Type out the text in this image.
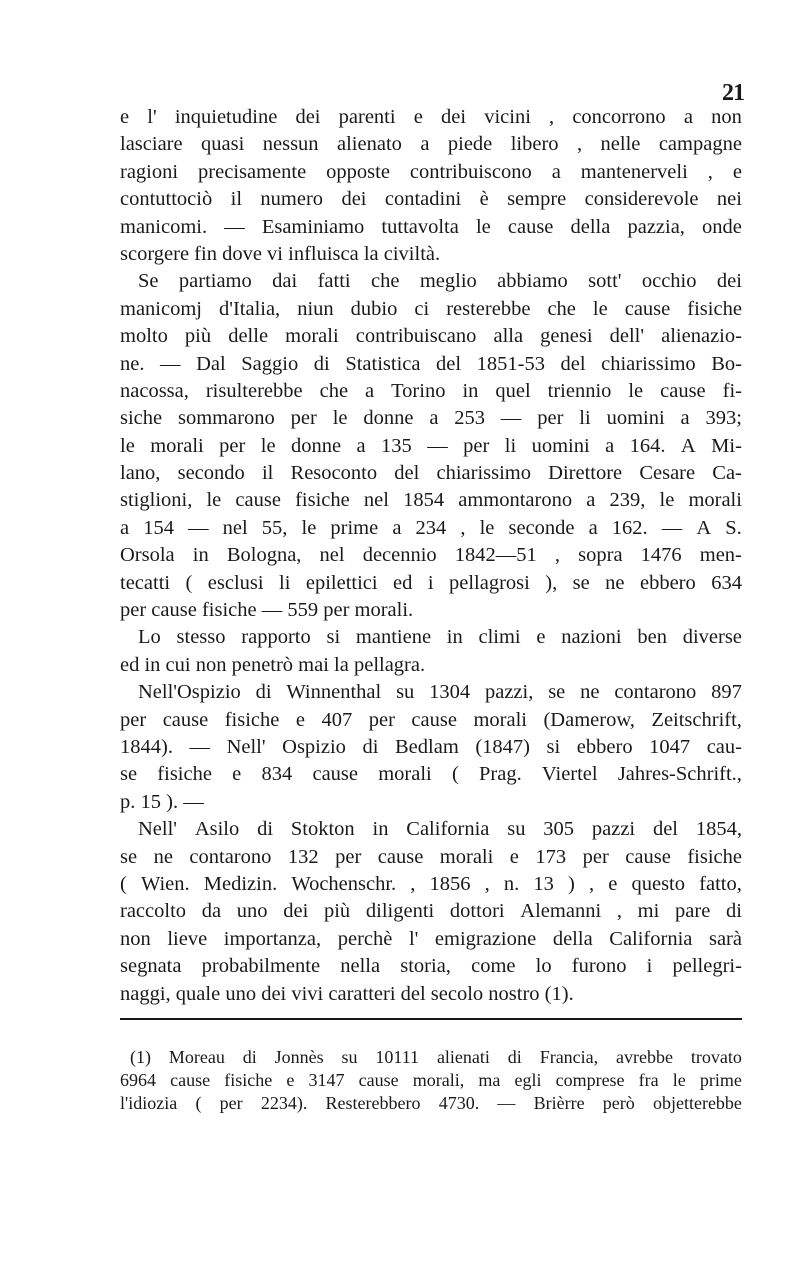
21
e l' inquietudine dei parenti e dei vicini , concorrono a non
lasciare quasi nessun alienato a piede libero , nelle campagne
ragioni precisamente opposte contribuiscono a mantenerveli , e
contuttociò il numero dei contadini è sempre considerevole nei
manicomi. — Esaminiamo tuttavolta le cause della pazzia, onde
scorgere fin dove vi influisca la civiltà.
Se partiamo dai fatti che meglio abbiamo sott' occhio dei
manicomj d'Italia, niun dubio ci resterebbe che le cause fisiche
molto più delle morali contribuiscano alla genesi dell' alienazio-
ne. — Dal Saggio di Statistica del 1851-53 del chiarissimo Bo-
nacossa, risulterebbe che a Torino in quel triennio le cause fi-
siche sommarono per le donne a 253 — per li uomini a 393;
le morali per le donne a 135 — per li uomini a 164. A Mi-
lano, secondo il Resoconto del chiarissimo Direttore Cesare Ca-
stiglioni, le cause fisiche nel 1854 ammontarono a 239, le morali
a 154 — nel 55, le prime a 234 , le seconde a 162. — A S.
Orsola in Bologna, nel decennio 1842—51 , sopra 1476 men-
tecatti ( esclusi li epilettici ed i pellagrosi ), se ne ebbero 634
per cause fisiche — 559 per morali.
Lo stesso rapporto si mantiene in climi e nazioni ben diverse
ed in cui non penetrò mai la pellagra.
Nell'Ospizio di Winnenthal su 1304 pazzi, se ne contarono 897
per cause fisiche e 407 per cause morali (Damerow, Zeitschrift,
1844). — Nell' Ospizio di Bedlam (1847) si ebbero 1047 cau-
se fisiche e 834 cause morali ( Prag. Viertel Jahres-Schrift.,
p. 15 ). —
Nell' Asilo di Stokton in California su 305 pazzi del 1854,
se ne contarono 132 per cause morali e 173 per cause fisiche
( Wien. Medizin. Wochenschr. , 1856 , n. 13 ) , e questo fatto,
raccolto da uno dei più diligenti dottori Alemanni , mi pare di
non lieve importanza, perchè l' emigrazione della California sarà
segnata probabilmente nella storia, come lo furono i pellegri-
naggi, quale uno dei vivi caratteri del secolo nostro (1).
(1) Moreau di Jonnès su 10111 alienati di Francia, avrebbe trovato
6964 cause fisiche e 3147 cause morali, ma egli comprese fra le prime
l'idiozia ( per 2234). Resterebbero 4730. — Brièrre però objetterebbe
